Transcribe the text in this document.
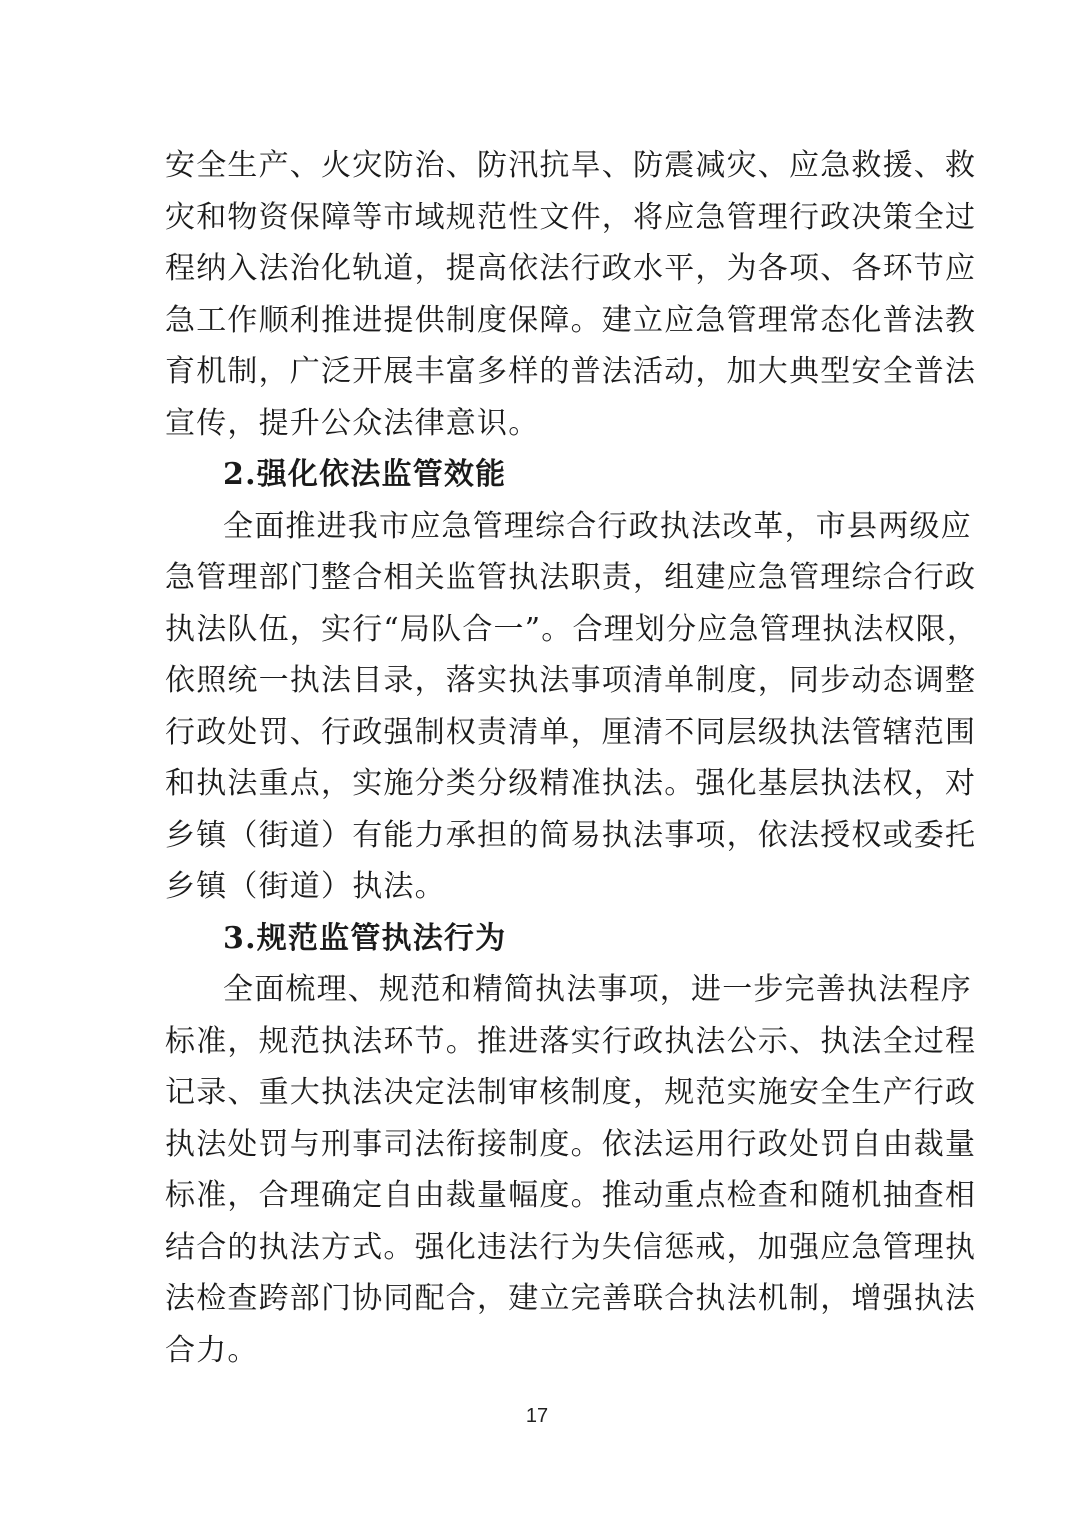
安全生产、火灾防治、防汛抗旱、防震减灾、应急救援、救
灾和物资保障等市域规范性文件，将应急管理行政决策全过
程纳入法治化轨道，提高依法行政水平，为各项、各环节应
急工作顺利推进提供制度保障。建立应急管理常态化普法教
育机制，广泛开展丰富多样的普法活动，加大典型安全普法
宣传，提升公众法律意识。
2.强化依法监管效能
全面推进我市应急管理综合行政执法改革，市县两级应
急管理部门整合相关监管执法职责，组建应急管理综合行政
执法队伍，实行“局队合一”。合理划分应急管理执法权限，
依照统一执法目录，落实执法事项清单制度，同步动态调整
行政处罚、行政强制权责清单，厘清不同层级执法管辖范围
和执法重点，实施分类分级精准执法。强化基层执法权，对
乡镇（街道）有能力承担的简易执法事项，依法授权或委托
乡镇（街道）执法。
3.规范监管执法行为
全面梳理、规范和精简执法事项，进一步完善执法程序
标准，规范执法环节。推进落实行政执法公示、执法全过程
记录、重大执法决定法制审核制度，规范实施安全生产行政
执法处罚与刑事司法衔接制度。依法运用行政处罚自由裁量
标准，合理确定自由裁量幅度。推动重点检查和随机抽查相
结合的执法方式。强化违法行为失信惩戒，加强应急管理执
法检查跨部门协同配合，建立完善联合执法机制，增强执法
合力。
17
